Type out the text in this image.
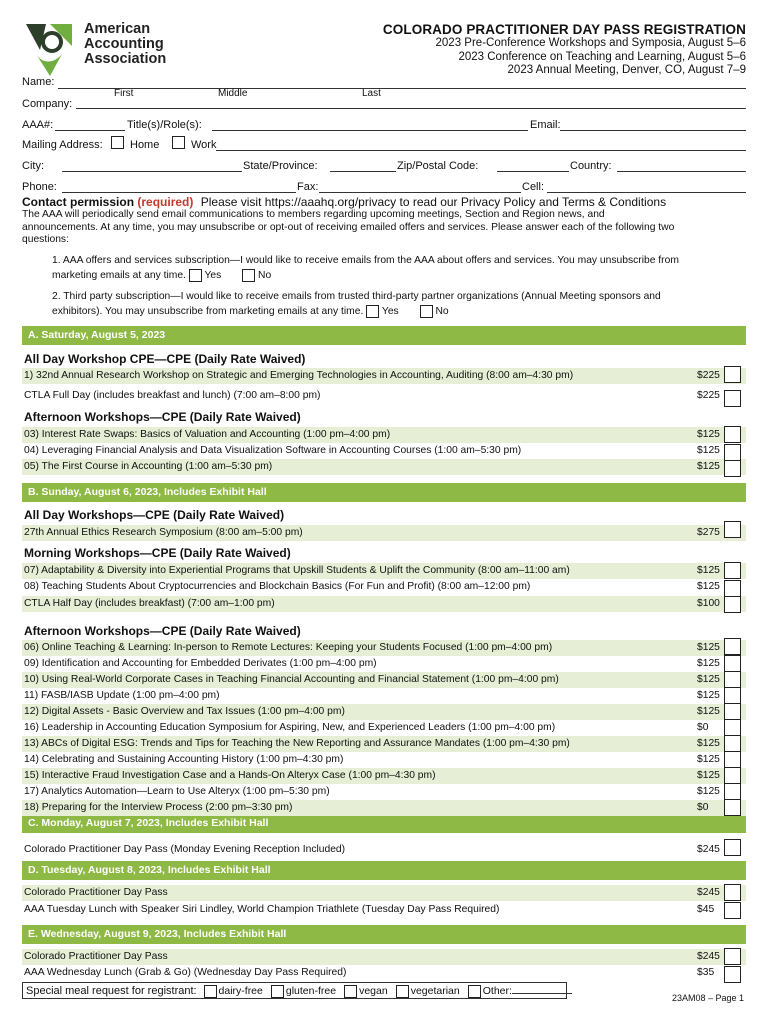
American
Accounting
Association
COLORADO PRACTITIONER DAY PASS REGISTRATION
2023 Pre-Conference Workshops and Symposia, August 5–6
2023 Conference on Teaching and Learning, August 5–6
2023 Annual Meeting, Denver, CO, August 7–9
Name:
First	Middle	Last
Company:
AAA#:	Title(s)/Role(s):	Email:
Mailing Address: Home	Work
City:	State/Province:	Zip/Postal Code:	Country:
Phone:	Fax:	Cell:
Contact permission (required) Please visit https://aaahq.org/privacy to read our Privacy Policy and Terms & Conditions
The AAA will periodically send email communications to members regarding upcoming meetings, Section and Region news, and
announcements. At any time, you may unsubscribe or opt-out of receiving emailed offers and services. Please answer each of the following two
questions:
1. AAA offers and services subscription—I would like to receive emails from the AAA about offers and services. You may unsubscribe from
marketing emails at any time. Yes	No
2. Third party subscription—I would like to receive emails from trusted third-party partner organizations (Annual Meeting sponsors and
exhibitors). You may unsubscribe from marketing emails at any time. Yes	No
A. Saturday, August 5, 2023
All Day Workshop CPE—CPE (Daily Rate Waived)
Afternoon Workshops—CPE (Daily Rate Waived)
B. Sunday, August 6, 2023, Includes Exhibit Hall
All Day Workshops—CPE (Daily Rate Waived)
Morning Workshops—CPE (Daily Rate Waived)
Afternoon Workshops—CPE (Daily Rate Waived)
C. Monday, August 7, 2023, Includes Exhibit Hall
D. Tuesday, August 8, 2023, Includes Exhibit Hall
E. Wednesday, August 9, 2023, Includes Exhibit Hall
1) 32nd Annual Research Workshop on Strategic and Emerging Technologies in Accounting, Auditing (8:00 am–4:30 pm)	$225
CTLA Full Day (includes breakfast and lunch) (7:00 am–8:00 pm)	$225
03) Interest Rate Swaps: Basics of Valuation and Accounting (1:00 pm–4:00 pm)	$125
04) Leveraging Financial Analysis and Data Visualization Software in Accounting Courses (1:00 am–5:30 pm)	$125
05) The First Course in Accounting (1:00 am–5:30 pm)	$125
27th Annual Ethics Research Symposium (8:00 am–5:00 pm)	$275
07) Adaptability & Diversity into Experiential Programs that Upskill Students & Uplift the Community (8:00 am–11:00 am)	$125
08) Teaching Students About Cryptocurrencies and Blockchain Basics (For Fun and Profit) (8:00 am–12:00 pm)	$125
CTLA Half Day (includes breakfast) (7:00 am–1:00 pm)	$100
06) Online Teaching & Learning: In-person to Remote Lectures: Keeping your Students Focused (1:00 pm–4:00 pm)	$125
09) Identification and Accounting for Embedded Derivates (1:00 pm–4:00 pm)	$125
10) Using Real-World Corporate Cases in Teaching Financial Accounting and Financial Statement (1:00 pm–4:00 pm)	$125
11) FASB/IASB Update (1:00 pm–4:00 pm)	$125
12) Digital Assets - Basic Overview and Tax Issues (1:00 pm–4:00 pm)	$125
16) Leadership in Accounting Education Symposium for Aspiring, New, and Experienced Leaders (1:00 pm–4:00 pm)	$0
13) ABCs of Digital ESG: Trends and Tips for Teaching the New Reporting and Assurance Mandates (1:00 pm–4:30 pm)	$125
14) Celebrating and Sustaining Accounting History (1:00 pm–4:30 pm)	$125
15) Interactive Fraud Investigation Case and a Hands-On Alteryx Case (1:00 pm–4:30 pm)	$125
17) Analytics Automation—Learn to Use Alteryx (1:00 pm–5:30 pm)	$125
18) Preparing for the Interview Process (2:00 pm–3:30 pm)	$0
Colorado Practitioner Day Pass (Monday Evening Reception Included)	$245
Colorado Practitioner Day Pass	$245
AAA Tuesday Lunch with Speaker Siri Lindley, World Champion Triathlete (Tuesday Day Pass Required)	$45
Colorado Practitioner Day Pass	$245
AAA Wednesday Lunch (Grab & Go) (Wednesday Day Pass Required)	$35
Special meal request for registrant: dairy-free gluten-free vegan vegetarian Other:
23AM08 – Page 1
